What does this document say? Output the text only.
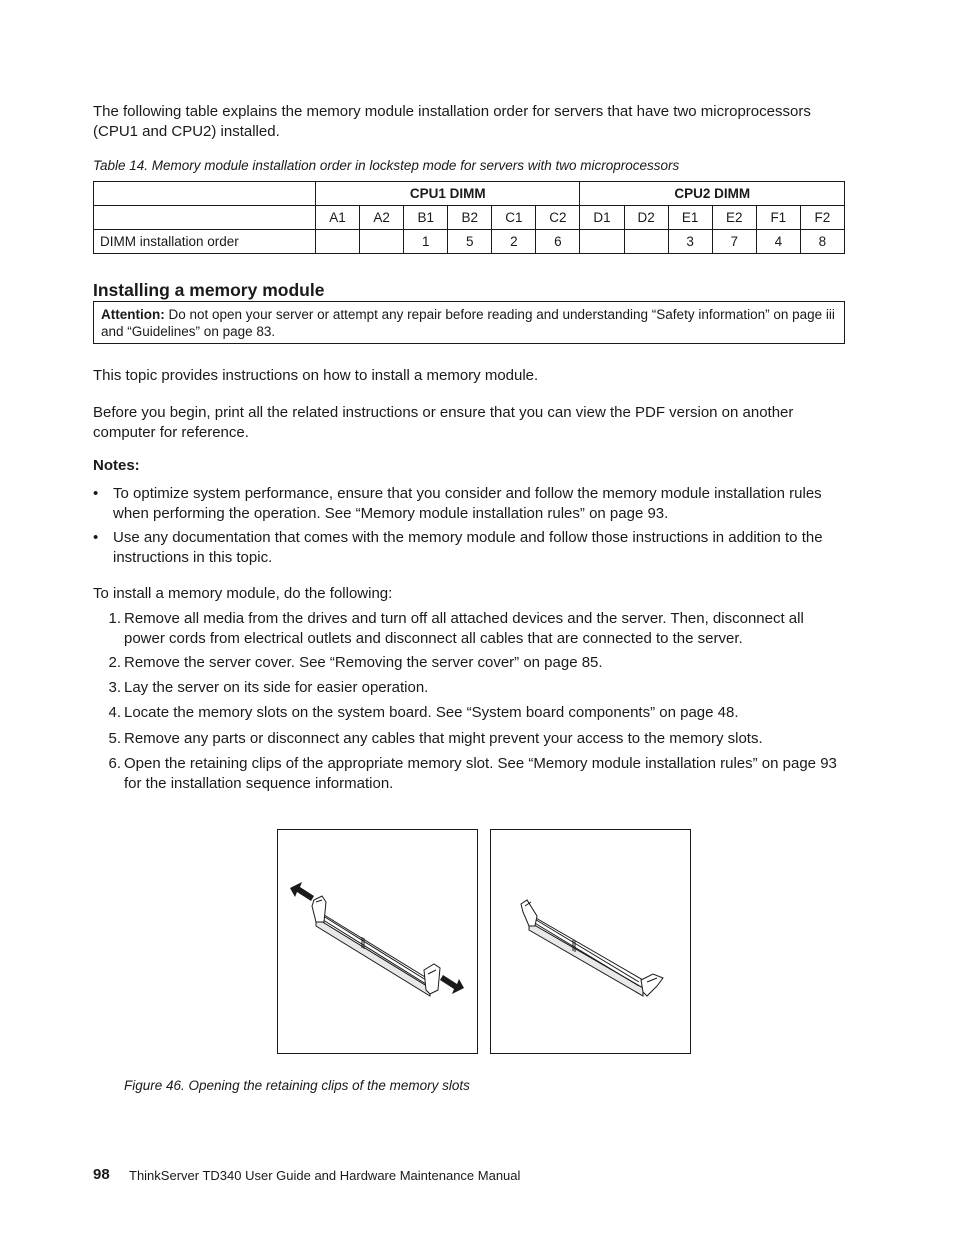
The following table explains the memory module installation order for servers that have two microprocessors (CPU1 and CPU2) installed.

Table 14. Memory module installation order in lockstep mode for servers with two microprocessors
	CPU1 DIMM						CPU2 DIMM					
	A1	A2	B1	B2	C1	C2	D1	D2	E1	E2	F1	F2
DIMM installation order			1	5	2	6			3	7	4	8
Installing a memory module
Attention: Do not open your server or attempt any repair before reading and understanding “Safety information” on page iii and “Guidelines” on page 83.

This topic provides instructions on how to install a memory module.

Before you begin, print all the related instructions or ensure that you can view the PDF version on another computer for reference.

Notes:

• To optimize system performance, ensure that you consider and follow the memory module installation rules when performing the operation. See “Memory module installation rules” on page 93.
• Use any documentation that comes with the memory module and follow those instructions in addition to the instructions in this topic.

To install a memory module, do the following:

1. Remove all media from the drives and turn off all attached devices and the server. Then, disconnect all power cords from electrical outlets and disconnect all cables that are connected to the server.
2. Remove the server cover. See “Removing the server cover” on page 85.
3. Lay the server on its side for easier operation.
4. Locate the memory slots on the system board. See “System board components” on page 48.
5. Remove any parts or disconnect any cables that might prevent your access to the memory slots.
6. Open the retaining clips of the appropriate memory slot. See “Memory module installation rules” on page 93 for the installation sequence information.
Figure 46. Opening the retaining clips of the memory slots
98 ThinkServer TD340 User Guide and Hardware Maintenance Manual
